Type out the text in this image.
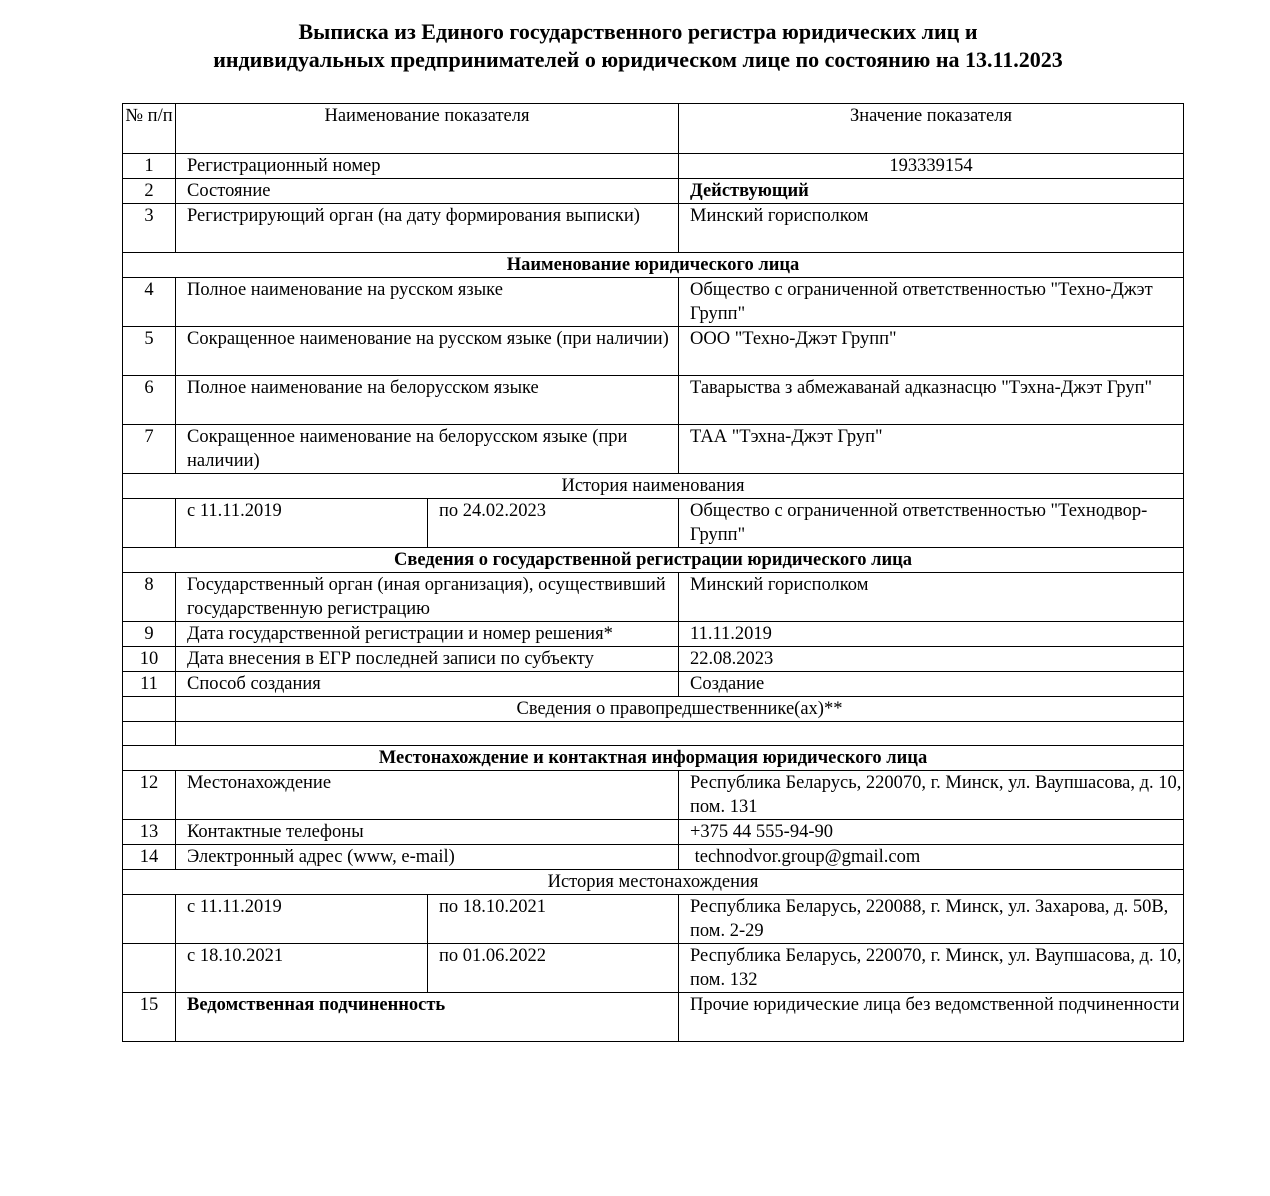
Выписка из Единого государственного регистра юридических лиц и
индивидуальных предпринимателей о юридическом лице по состоянию на 13.11.2023
№ п/п	Наименование показателя		Значение показателя
1	Регистрационный номер		193339154
2	Состояние		Действующий
3	Регистрирующий орган (на дату формирования выписки)		Минский горисполком
Наименование юридического лица			
4	Полное наименование на русском языке		Общество с ограниченной ответственностью "Техно-Джэт Групп"
5	Сокращенное наименование на русском языке (при наличии)		ООО "Техно-Джэт Групп"
6	Полное наименование на белорусском языке		Таварыства з абмежаванай адказнасцю "Тэхна-Джэт Груп"
7	Сокращенное наименование на белорусском языке (при наличии)		ТАА "Тэхна-Джэт Груп"
История наименования			
	с 11.11.2019	по 24.02.2023	Общество с ограниченной ответственностью "Технодвор-Групп"
Сведения о государственной регистрации юридического лица			
8	Государственный орган (иная организация), осуществивший государственную регистрацию		Минский горисполком
9	Дата государственной регистрации и номер решения*		11.11.2019
10	Дата внесения в ЕГР последней записи по субъекту		22.08.2023
11	Способ создания		Создание
	Сведения о правопредшественнике(ах)**		

Местонахождение и контактная информация юридического лица			
12	Местонахождение		Республика Беларусь, 220070, г. Минск, ул. Ваупшасова, д. 10, пом. 131
13	Контактные телефоны		+375 44 555-94-90
14	Электронный адрес (www, e-mail)		technodvor.group@gmail.com
История местонахождения			
	с 11.11.2019	по 18.10.2021	Республика Беларусь, 220088, г. Минск, ул. Захарова, д. 50В, пом. 2-29
	с 18.10.2021	по 01.06.2022	Республика Беларусь, 220070, г. Минск, ул. Ваупшасова, д. 10, пом. 132
15	Ведомственная подчиненность		Прочие юридические лица без ведомственной подчиненности
